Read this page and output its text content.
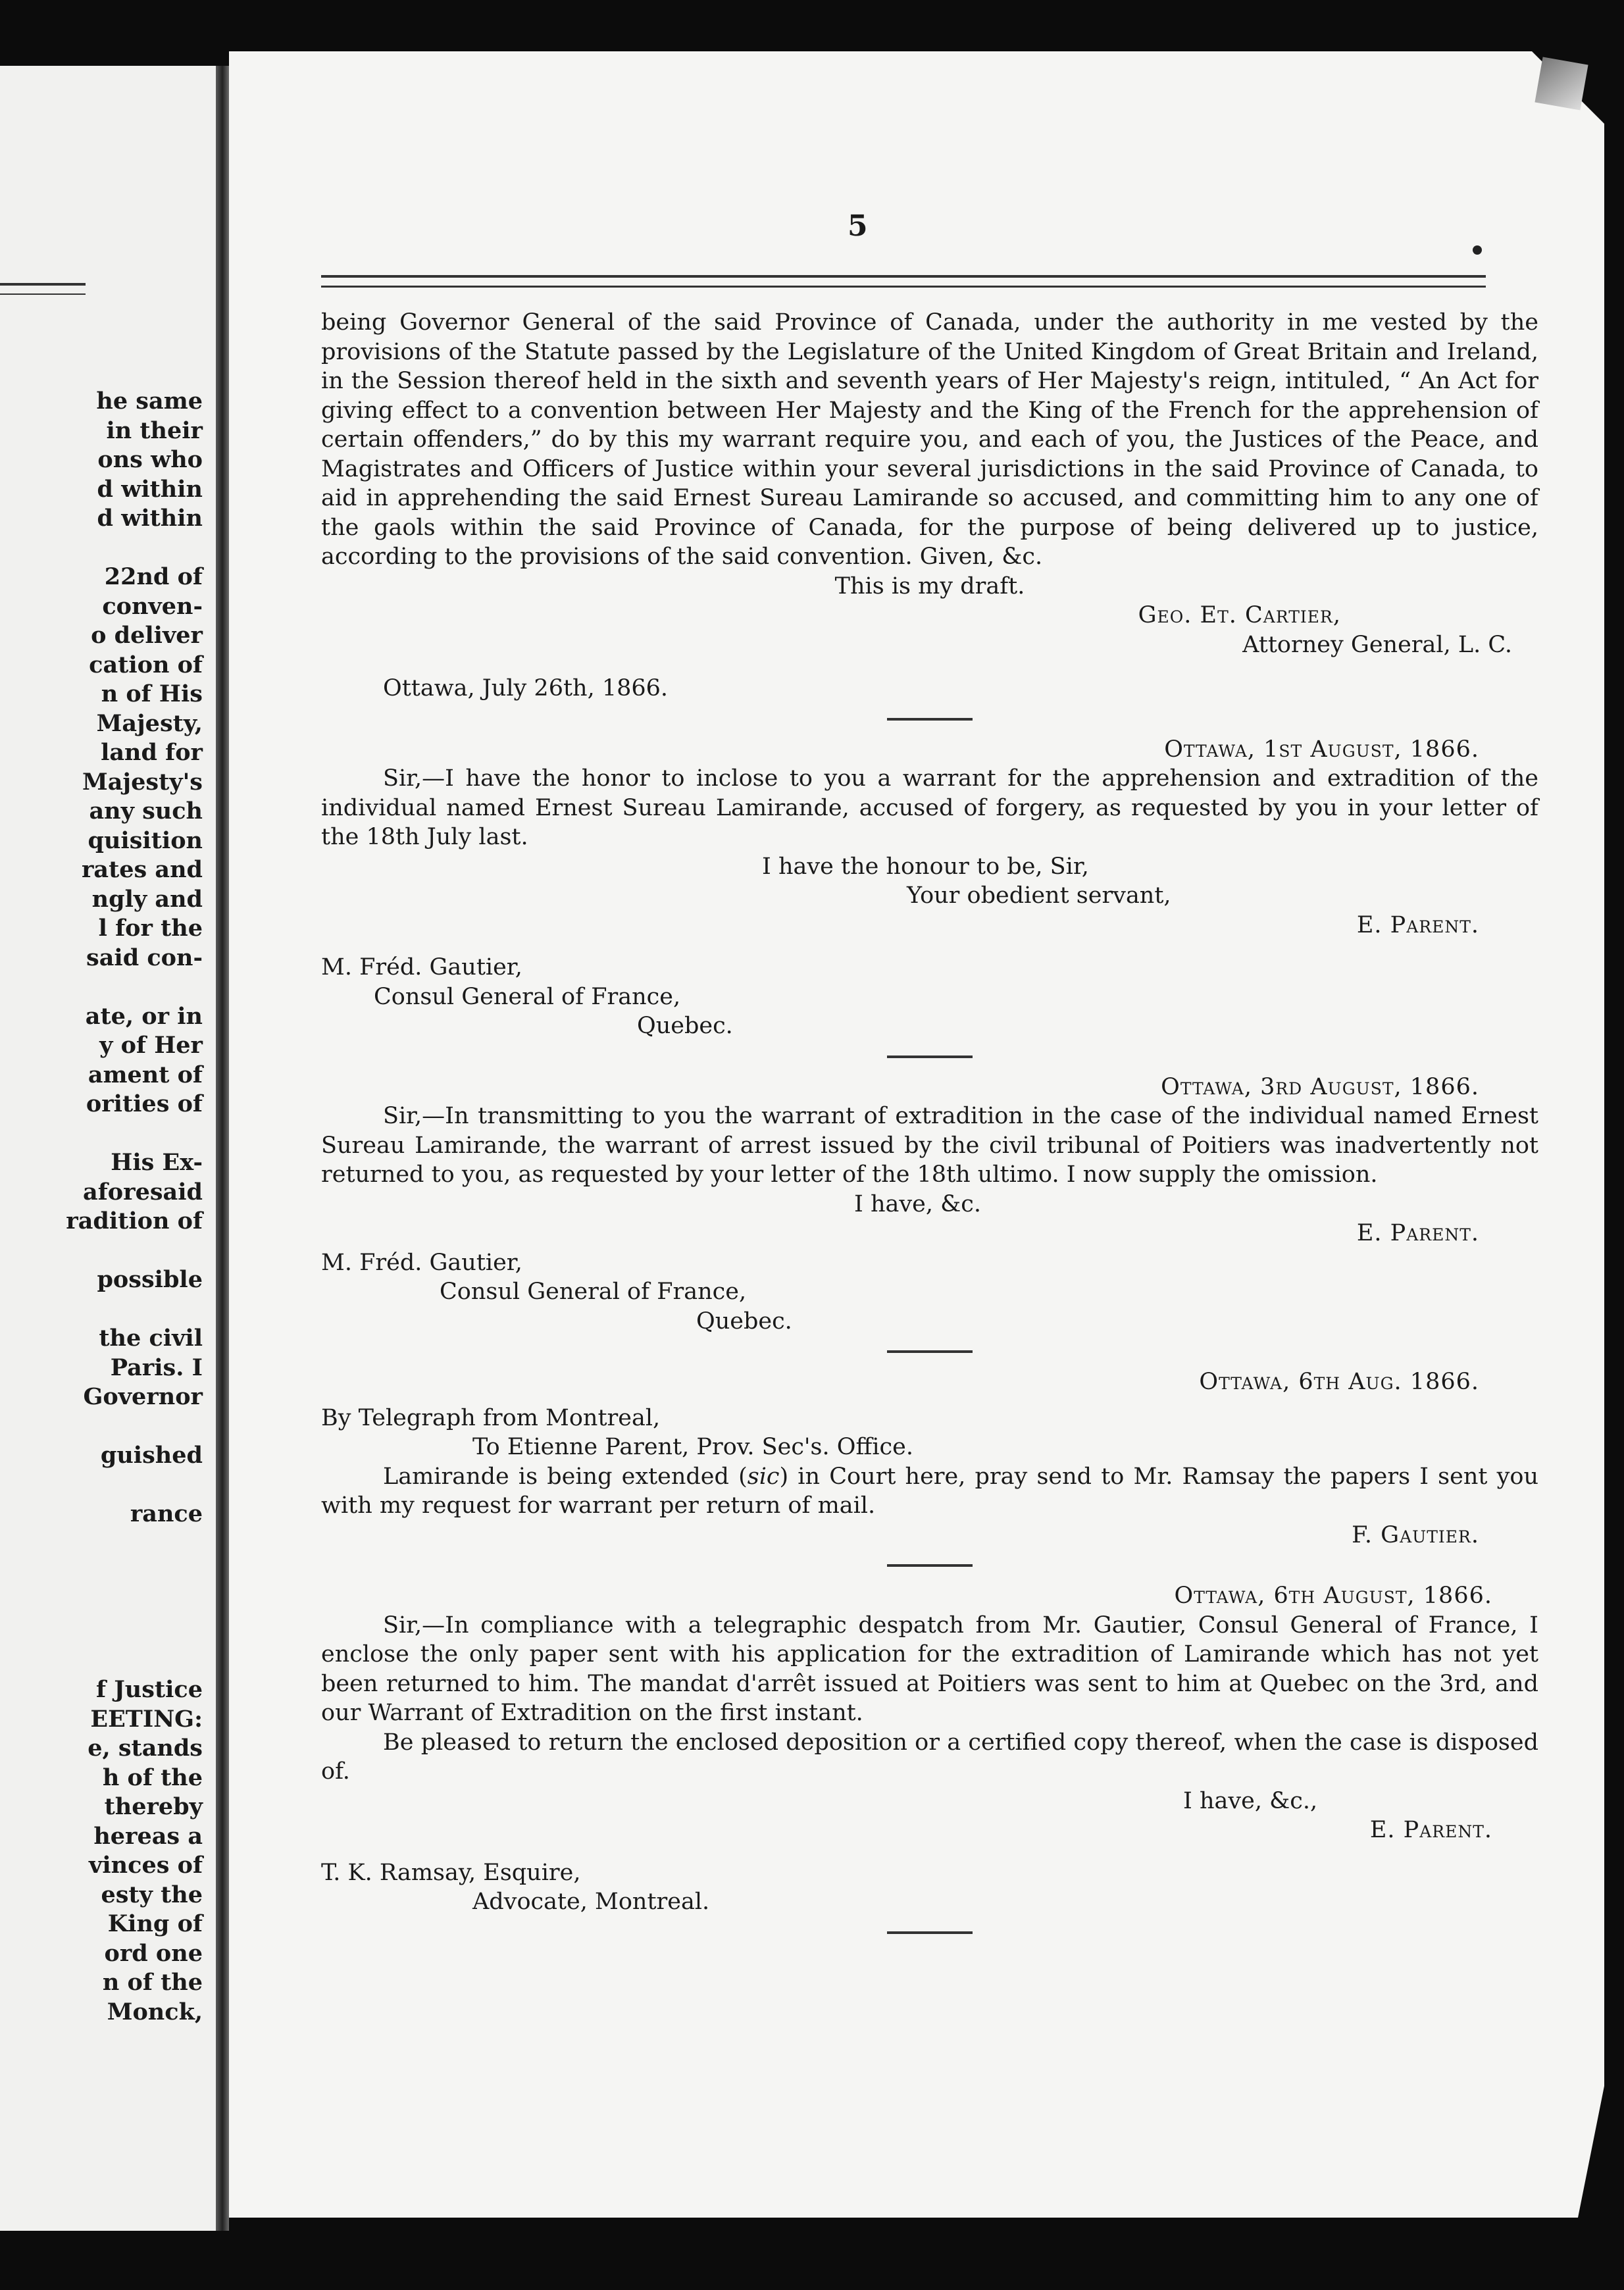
he same
in their
ons who
d within
d within

22nd of
conven-
o deliver
cation of
n of His
Majesty,
land for
Majesty's
any such
quisition
rates and
ngly and
l for the
said con-

ate, or in
y of Her
ament of
orities of

His Ex-
aforesaid
radition of

possible

the civil
Paris. I
Governor

guished

rance

f Justice
EETING:
e, stands
h of the
thereby
hereas a
vinces of
esty the
King of
ord one
n of the
Monck,
5

being Governor General of the said Province of Canada, under the authority in me vested by the provisions of the Statute passed by the Legislature of the United Kingdom of Great Britain and Ireland, in the Session thereof held in the sixth and seventh years of Her Majesty's reign, intituled, “ An Act for giving effect to a convention between Her Majesty and the King of the French for the apprehension of certain offenders,” do by this my warrant require you, and each of you, the Justices of the Peace, and Magistrates and Officers of Justice within your several jurisdictions in the said Province of Canada, to aid in apprehending the said Ernest Sureau Lamirande so accused, and committing him to any one of the gaols within the said Province of Canada, for the purpose of being delivered up to justice, according to the provisions of the said convention. Given, &c.

This is my draft.

Geo. Et. Cartier,

Attorney General, L. C.

Ottawa, July 26th, 1866.

Ottawa, 1st August, 1866.

Sir,—I have the honor to inclose to you a warrant for the apprehension and extradition of the individual named Ernest Sureau Lamirande, accused of forgery, as requested by you in your letter of the 18th July last.

I have the honour to be, Sir,

Your obedient servant,

E. Parent.

M. Fréd. Gautier,

Consul General of France,

Quebec.

Ottawa, 3rd August, 1866.

Sir,—In transmitting to you the warrant of extradition in the case of the individual named Ernest Sureau Lamirande, the warrant of arrest issued by the civil tribunal of Poitiers was inadvertently not returned to you, as requested by your letter of the 18th ultimo. I now supply the omission.

I have, &c.

E. Parent.

M. Fréd. Gautier,

Consul General of France,

Quebec.

Ottawa, 6th Aug. 1866.

By Telegraph from Montreal,

To Etienne Parent, Prov. Sec's. Office.

Lamirande is being extended (sic) in Court here, pray send to Mr. Ramsay the papers I sent you with my request for warrant per return of mail.

F. Gautier.

Ottawa, 6th August, 1866.

Sir,—In compliance with a telegraphic despatch from Mr. Gautier, Consul General of France, I enclose the only paper sent with his application for the extradition of Lamirande which has not yet been returned to him. The mandat d'arrêt issued at Poitiers was sent to him at Quebec on the 3rd, and our Warrant of Extradition on the first instant.

Be pleased to return the enclosed deposition or a certified copy thereof, when the case is disposed of.

I have, &c.,

E. Parent.

T. K. Ramsay, Esquire,

Advocate, Montreal.
